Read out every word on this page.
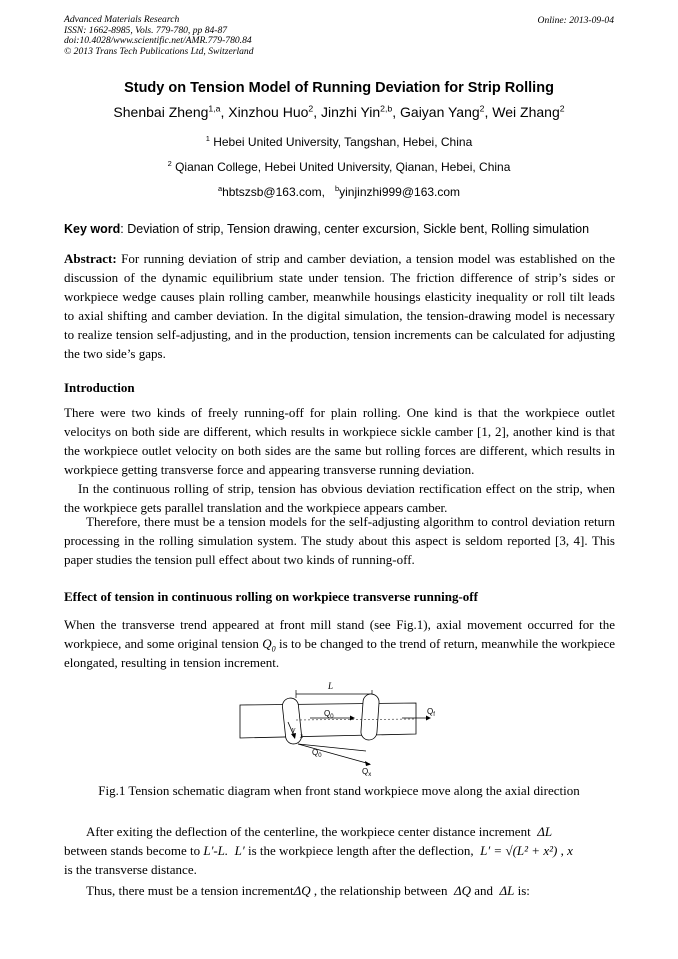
Advanced Materials Research
ISSN: 1662-8985, Vols. 779-780, pp 84-87
doi:10.4028/www.scientific.net/AMR.779-780.84
© 2013 Trans Tech Publications Ltd, Switzerland
Online: 2013-09-04
Study on Tension Model of Running Deviation for Strip Rolling
Shenbai Zheng$^{1,a}$, Xinzhou Huo$^2$, Jinzhi Yin$^{2,b}$, Gaiyan Yang$^2$, Wei Zhang$^2$
$^1$ Hebei United University, Tangshan, Hebei, China
$^2$ Qianan College, Hebei United University, Qianan, Hebei, China
$^a$hbtszsb@163.com, $^b$yinjinzhi999@163.com
Key word: Deviation of strip, Tension drawing, center excursion, Sickle bent, Rolling simulation
Abstract: For running deviation of strip and camber deviation, a tension model was established on the discussion of the dynamic equilibrium state under tension. The friction difference of strip’s sides or workpiece wedge causes plain rolling camber, meanwhile housings elasticity inequality or roll tilt leads to axial shifting and camber deviation. In the digital simulation, the tension-drawing model is necessary to realize tension self-adjusting, and in the production, tension increments can be calculated for adjusting the two side’s gaps.
Introduction
There were two kinds of freely running-off for plain rolling. One kind is that the workpiece outlet velocitys on both side are different, which results in workpiece sickle camber [1, 2], another kind is that the workpiece outlet velocity on both sides are the same but rolling forces are different, which results in workpiece getting transverse force and appearing transverse running deviation.
In the continuous rolling of strip, tension has obvious deviation rectification effect on the strip, when the workpiece gets parallel translation and the workpiece appears camber.
Therefore, there must be a tension models for the self-adjusting algorithm to control deviation return processing in the rolling simulation system. The study about this aspect is seldom reported [3, 4]. This paper studies the tension pull effect about two kinds of running-off.
Effect of tension in continuous rolling on workpiece transverse running-off
When the transverse trend appeared at front mill stand (see Fig.1), axial movement occurred for the workpiece, and some original tension $Q_0$ is to be changed to the trend of return, meanwhile the workpiece elongated, resulting in tension increment.
L
$Q_0$
$Q_f$
γ
x
$Q_0$
$Q_x$
Fig.1 Tension schematic diagram when front stand workpiece move along the axial direction
After exiting the deflection of the centerline, the workpiece center distance increment  ΔL
between stands become to L'-L. L′ is the workpiece length after the deflection,  L′ = √(L² + x²) , x
is the transverse distance.
Thus, there must be a tension incrementΔQ , the relationship between  ΔQ and  ΔL is:
